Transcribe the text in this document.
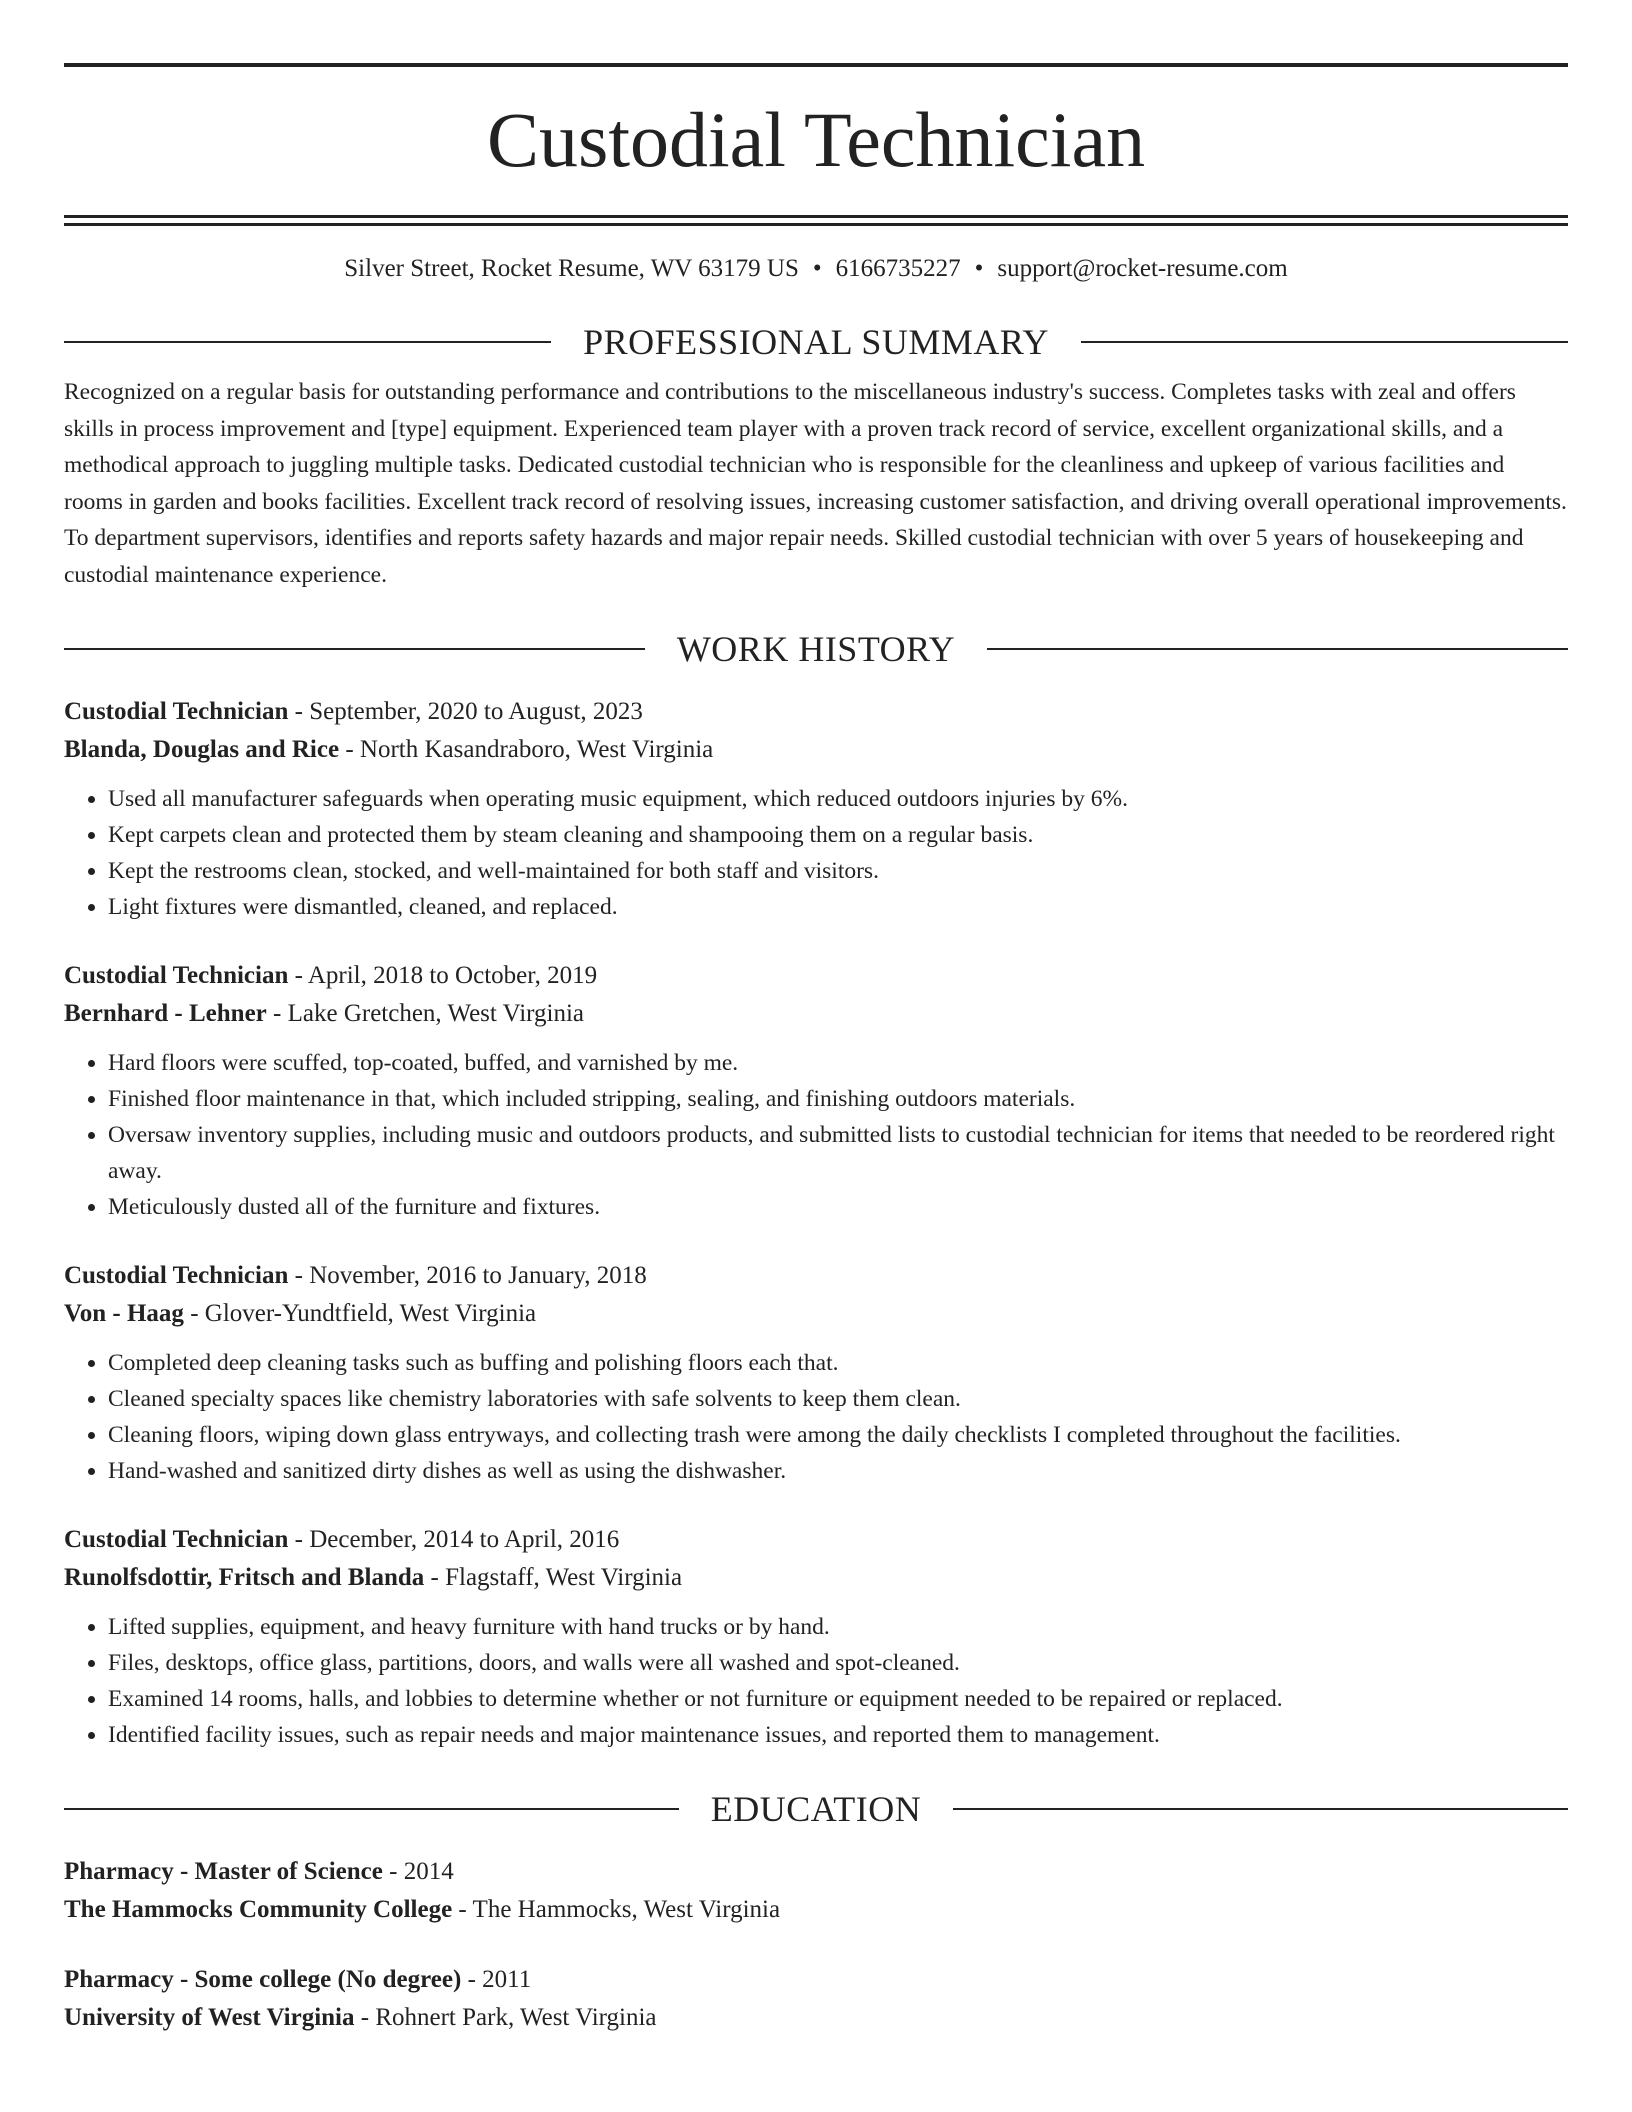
Custodial Technician
Silver Street, Rocket Resume, WV 63179 US • 6166735227 • support@rocket-resume.com
PROFESSIONAL SUMMARY
Recognized on a regular basis for outstanding performance and contributions to the miscellaneous industry's success. Completes tasks with zeal and offers skills in process improvement and [type] equipment. Experienced team player with a proven track record of service, excellent organizational skills, and a methodical approach to juggling multiple tasks. Dedicated custodial technician who is responsible for the cleanliness and upkeep of various facilities and rooms in garden and books facilities. Excellent track record of resolving issues, increasing customer satisfaction, and driving overall operational improvements. To department supervisors, identifies and reports safety hazards and major repair needs. Skilled custodial technician with over 5 years of housekeeping and custodial maintenance experience.
WORK HISTORY
Custodial Technician - September, 2020 to August, 2023
Blanda, Douglas and Rice - North Kasandraboro, West Virginia
• Used all manufacturer safeguards when operating music equipment, which reduced outdoors injuries by 6%.
• Kept carpets clean and protected them by steam cleaning and shampooing them on a regular basis.
• Kept the restrooms clean, stocked, and well-maintained for both staff and visitors.
• Light fixtures were dismantled, cleaned, and replaced.
Custodial Technician - April, 2018 to October, 2019
Bernhard - Lehner - Lake Gretchen, West Virginia
• Hard floors were scuffed, top-coated, buffed, and varnished by me.
• Finished floor maintenance in that, which included stripping, sealing, and finishing outdoors materials.
• Oversaw inventory supplies, including music and outdoors products, and submitted lists to custodial technician for items that needed to be reordered right away.
• Meticulously dusted all of the furniture and fixtures.
Custodial Technician - November, 2016 to January, 2018
Von - Haag - Glover-Yundtfield, West Virginia
• Completed deep cleaning tasks such as buffing and polishing floors each that.
• Cleaned specialty spaces like chemistry laboratories with safe solvents to keep them clean.
• Cleaning floors, wiping down glass entryways, and collecting trash were among the daily checklists I completed throughout the facilities.
• Hand-washed and sanitized dirty dishes as well as using the dishwasher.
Custodial Technician - December, 2014 to April, 2016
Runolfsdottir, Fritsch and Blanda - Flagstaff, West Virginia
• Lifted supplies, equipment, and heavy furniture with hand trucks or by hand.
• Files, desktops, office glass, partitions, doors, and walls were all washed and spot-cleaned.
• Examined 14 rooms, halls, and lobbies to determine whether or not furniture or equipment needed to be repaired or replaced.
• Identified facility issues, such as repair needs and major maintenance issues, and reported them to management.
EDUCATION
Pharmacy - Master of Science - 2014
The Hammocks Community College - The Hammocks, West Virginia
Pharmacy - Some college (No degree) - 2011
University of West Virginia - Rohnert Park, West Virginia
